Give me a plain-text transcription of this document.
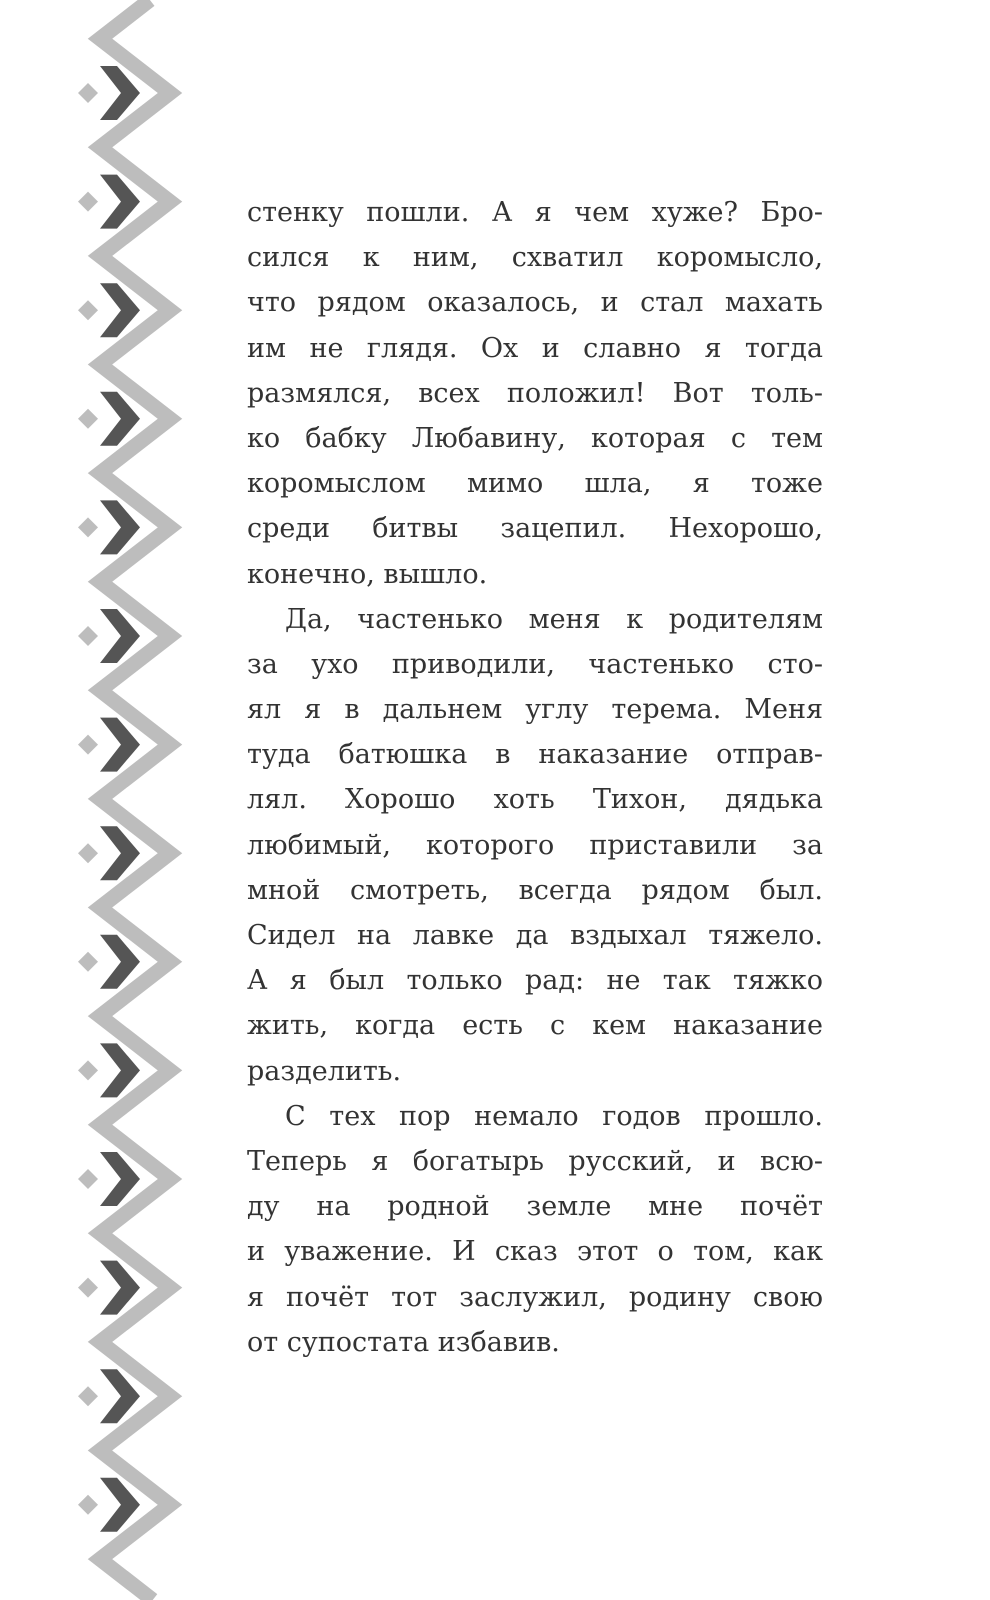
стенку пошли. А я чем хуже? Бро-
сился к ним, схватил коромысло,
что рядом оказалось, и стал махать
им не глядя. Ох и славно я тогда
размялся, всех положил! Вот толь-
ко бабку Любавину, которая с тем
коромыслом мимо шла, я тоже
среди битвы зацепил. Нехорошо,
конечно, вышло.
Да, частенько меня к родителям
за ухо приводили, частенько сто-
ял я в дальнем углу терема. Меня
туда батюшка в наказание отправ-
лял. Хорошо хоть Тихон, дядька
любимый, которого приставили за
мной смотреть, всегда рядом был.
Сидел на лавке да вздыхал тяжело.
А я был только рад: не так тяжко
жить, когда есть с кем наказание
разделить.
С тех пор немало годов прошло.
Теперь я богатырь русский, и всю-
ду на родной земле мне почёт
и уважение. И сказ этот о том, как
я почёт тот заслужил, родину свою
от супостата избавив.
